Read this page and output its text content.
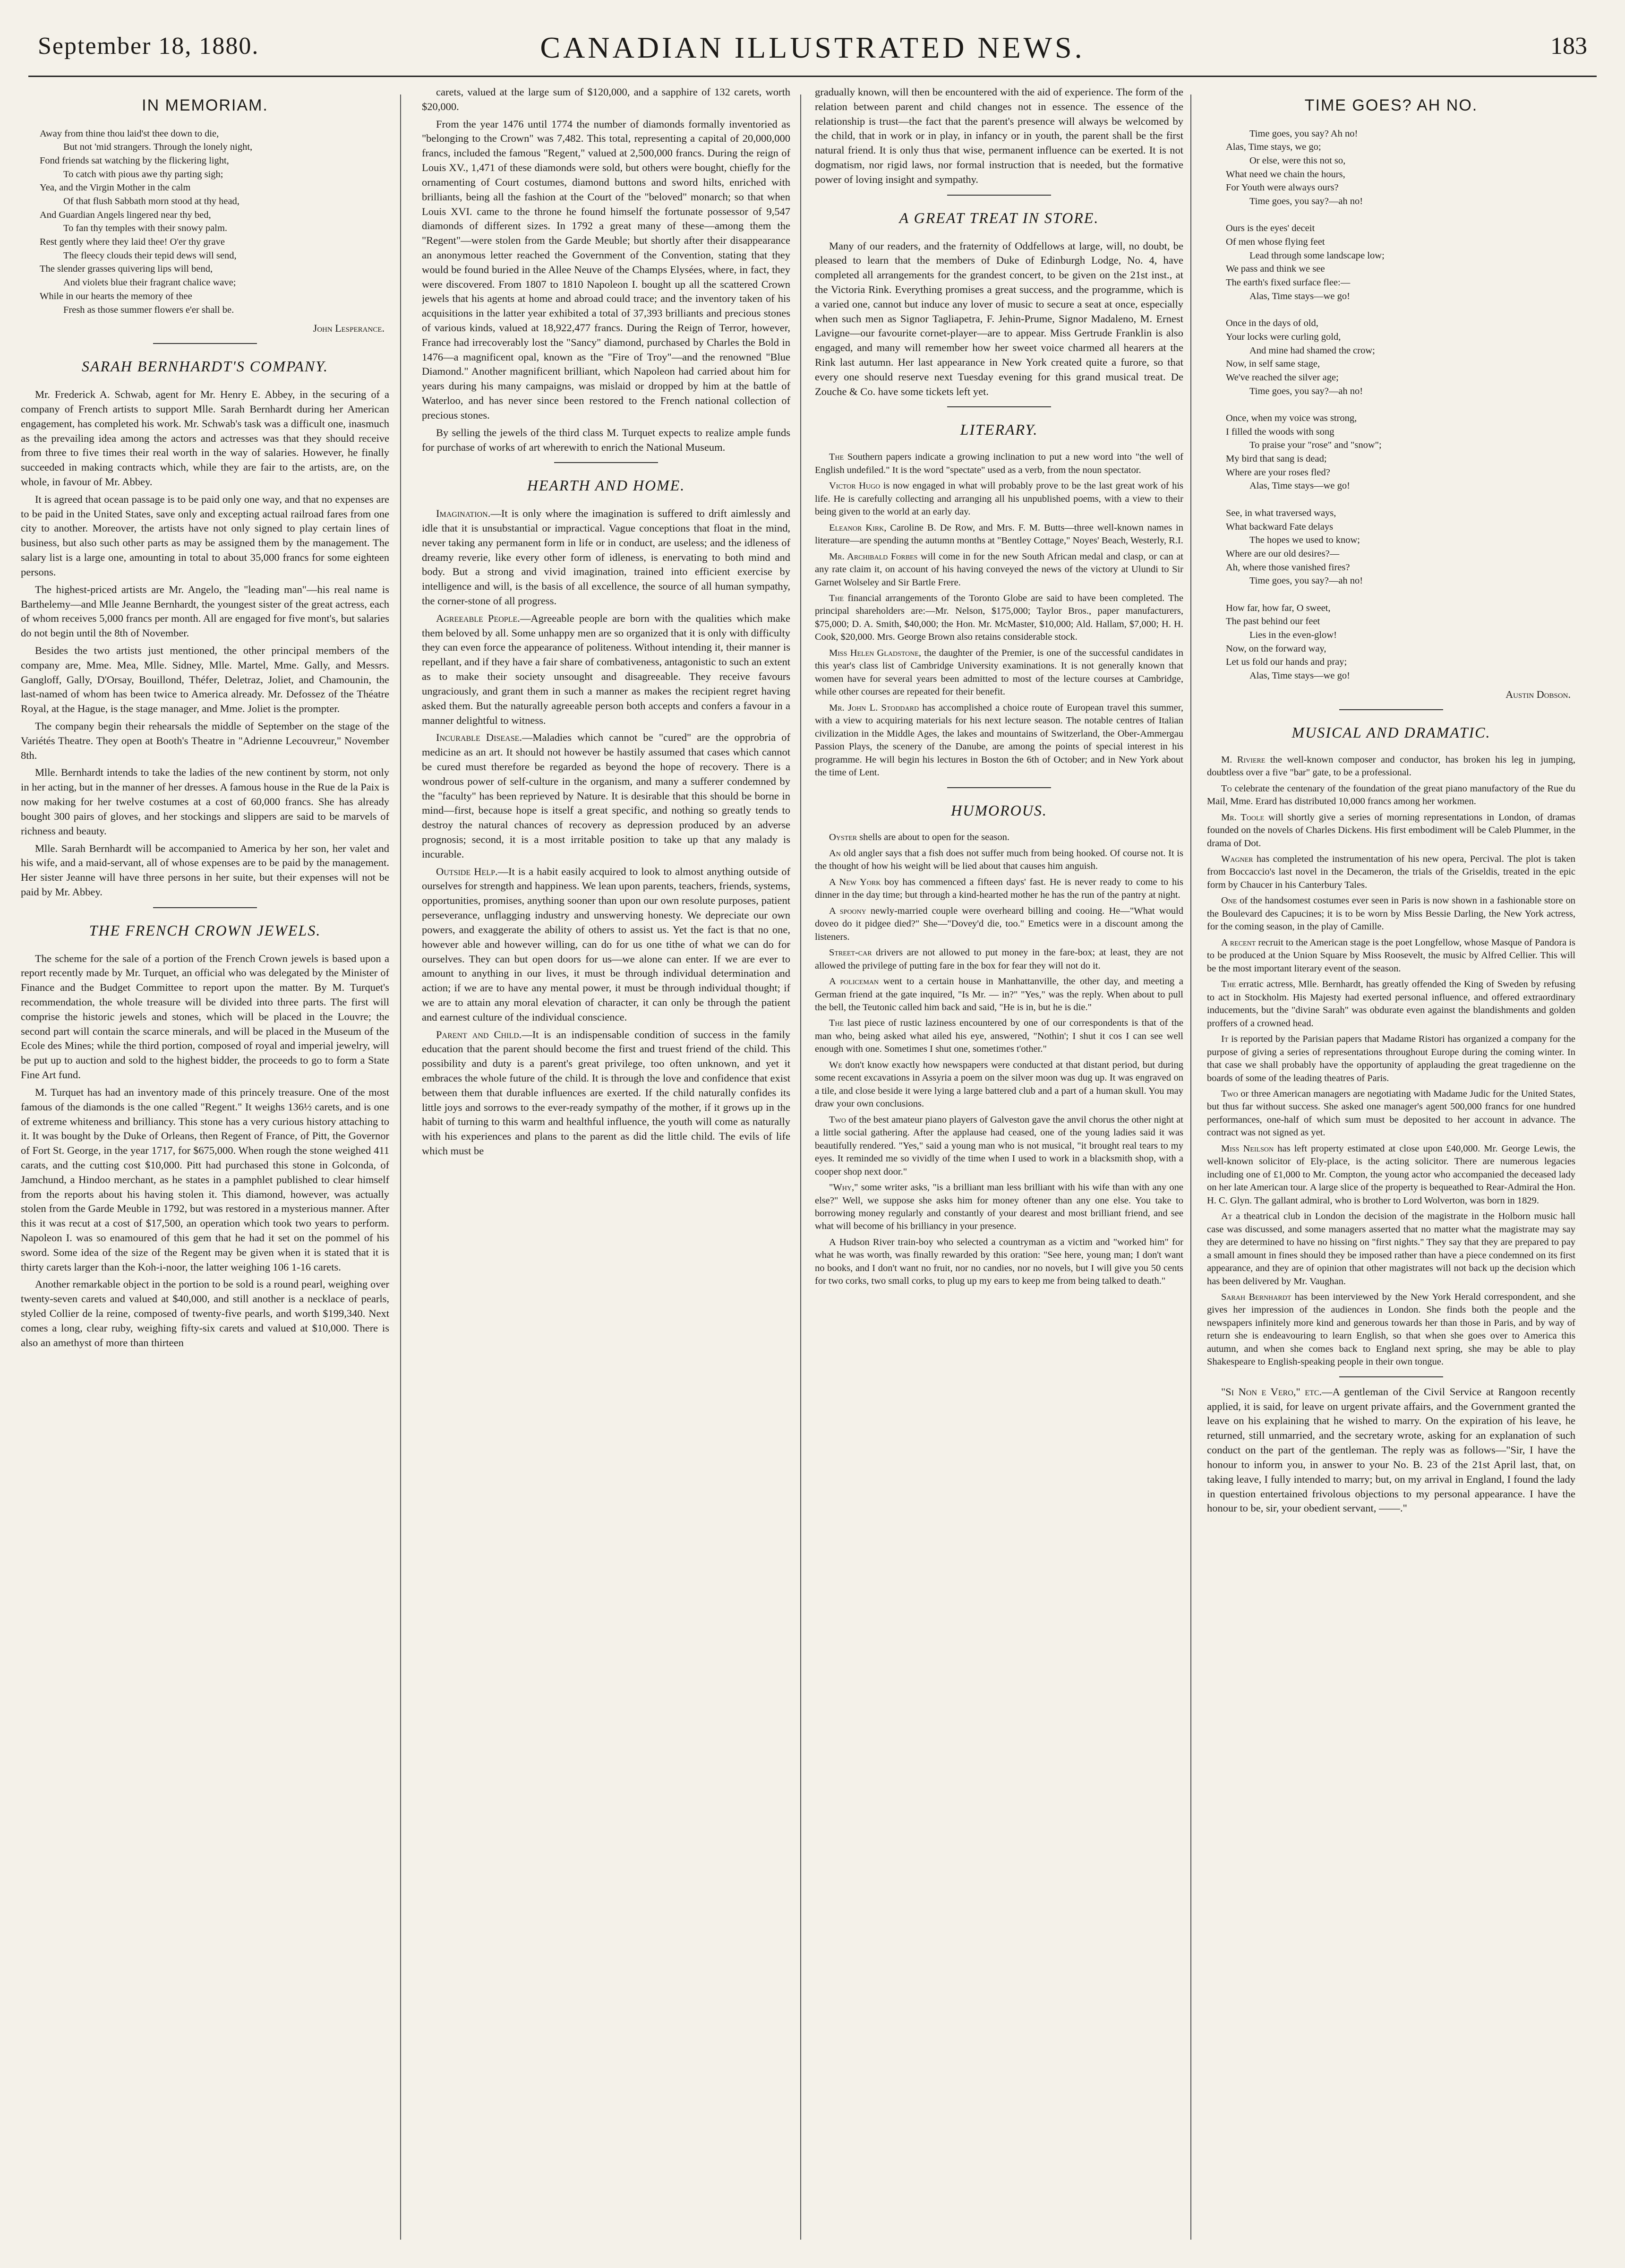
September 18, 1880.	CANADIAN ILLUSTRATED NEWS.	183
IN MEMORIAM.
Away from thine thou laid'st thee down to die,
But not 'mid strangers. Through the lonely night,
Fond friends sat watching by the flickering light,
To catch with pious awe thy parting sigh;
Yea, and the Virgin Mother in the calm
Of that flush Sabbath morn stood at thy head,
And Guardian Angels lingered near thy bed,
To fan thy temples with their snowy palm.
Rest gently where they laid thee! O'er thy grave
The fleecy clouds their tepid dews will send,
The slender grasses quivering lips will bend,
And violets blue their fragrant chalice wave;
While in our hearts the memory of thee
Fresh as those summer flowers e'er shall be.
John Lesperance.
SARAH BERNHARDT'S COMPANY.

Mr. Frederick A. Schwab, agent for Mr. Henry E. Abbey, in the securing of a company of French artists to support Mlle. Sarah Bernhardt during her American engagement, has completed his work. Mr. Schwab's task was a difficult one, inasmuch as the prevailing idea among the actors and actresses was that they should receive from three to five times their real worth in the way of salaries. However, he finally succeeded in making contracts which, while they are fair to the artists, are, on the whole, in favour of Mr. Abbey.

It is agreed that ocean passage is to be paid only one way, and that no expenses are to be paid in the United States, save only and excepting actual railroad fares from one city to another. Moreover, the artists have not only signed to play certain lines of business, but also such other parts as may be assigned them by the management. The salary list is a large one, amounting in total to about 35,000 francs for some eighteen persons.

The highest-priced artists are Mr. Angelo, the "leading man"—his real name is Barthelemy—and Mlle Jeanne Bernhardt, the youngest sister of the great actress, each of whom receives 5,000 francs per month. All are engaged for five mont's, but salaries do not begin until the 8th of November.

Besides the two artists just mentioned, the other principal members of the company are, Mme. Mea, Mlle. Sidney, Mlle. Martel, Mme. Gally, and Messrs. Gangloff, Gally, D'Orsay, Bouillond, Théfer, Deletraz, Joliet, and Chamounin, the last-named of whom has been twice to America already. Mr. Defossez of the Théatre Royal, at the Hague, is the stage manager, and Mme. Joliet is the prompter.

The company begin their rehearsals the middle of September on the stage of the Variétés Theatre. They open at Booth's Theatre in "Adrienne Lecouvreur," November 8th.

Mlle. Bernhardt intends to take the ladies of the new continent by storm, not only in her acting, but in the manner of her dresses. A famous house in the Rue de la Paix is now making for her twelve costumes at a cost of 60,000 francs. She has already bought 300 pairs of gloves, and her stockings and slippers are said to be marvels of richness and beauty.

Mlle. Sarah Bernhardt will be accompanied to America by her son, her valet and his wife, and a maid-servant, all of whose expenses are to be paid by the management. Her sister Jeanne will have three persons in her suite, but their expenses will not be paid by Mr. Abbey.

THE FRENCH CROWN JEWELS.

The scheme for the sale of a portion of the French Crown jewels is based upon a report recently made by Mr. Turquet, an official who was delegated by the Minister of Finance and the Budget Committee to report upon the matter. By M. Turquet's recommendation, the whole treasure will be divided into three parts. The first will comprise the historic jewels and stones, which will be placed in the Louvre; the second part will contain the scarce minerals, and will be placed in the Museum of the Ecole des Mines; while the third portion, composed of royal and imperial jewelry, will be put up to auction and sold to the highest bidder, the proceeds to go to form a State Fine Art fund.

M. Turquet has had an inventory made of this princely treasure. One of the most famous of the diamonds is the one called "Regent." It weighs 136½ carets, and is one of extreme whiteness and brilliancy. This stone has a very curious history attaching to it. It was bought by the Duke of Orleans, then Regent of France, of Pitt, the Governor of Fort St. George, in the year 1717, for $675,000. When rough the stone weighed 411 carats, and the cutting cost $10,000. Pitt had purchased this stone in Golconda, of Jamchund, a Hindoo merchant, as he states in a pamphlet published to clear himself from the reports about his having stolen it. This diamond, however, was actually stolen from the Garde Meuble in 1792, but was restored in a mysterious manner. After this it was recut at a cost of $17,500, an operation which took two years to perform. Napoleon I. was so enamoured of this gem that he had it set on the pommel of his sword. Some idea of the size of the Regent may be given when it is stated that it is thirty carets larger than the Koh-i-noor, the latter weighing 106 1-16 carets.

Another remarkable object in the portion to be sold is a round pearl, weighing over twenty-seven carets and valued at $40,000, and still another is a necklace of pearls, styled Collier de la reine, composed of twenty-five pearls, and worth $199,340. Next comes a long, clear ruby, weighing fifty-six carets and valued at $10,000. There is also an amethyst of more than thirteen

carets, valued at the large sum of $120,000, and a sapphire of 132 carets, worth $20,000.

From the year 1476 until 1774 the number of diamonds formally inventoried as "belonging to the Crown" was 7,482. This total, representing a capital of 20,000,000 francs, included the famous "Regent," valued at 2,500,000 francs. During the reign of Louis XV., 1,471 of these diamonds were sold, but others were bought, chiefly for the ornamenting of Court costumes, diamond buttons and sword hilts, enriched with brilliants, being all the fashion at the Court of the "beloved" monarch; so that when Louis XVI. came to the throne he found himself the fortunate possessor of 9,547 diamonds of different sizes. In 1792 a great many of these—among them the "Regent"—were stolen from the Garde Meuble; but shortly after their disappearance an anonymous letter reached the Government of the Convention, stating that they would be found buried in the Allee Neuve of the Champs Elysées, where, in fact, they were discovered. From 1807 to 1810 Napoleon I. bought up all the scattered Crown jewels that his agents at home and abroad could trace; and the inventory taken of his acquisitions in the latter year exhibited a total of 37,393 brilliants and precious stones of various kinds, valued at 18,922,477 francs. During the Reign of Terror, however, France had irrecoverably lost the "Sancy" diamond, purchased by Charles the Bold in 1476—a magnificent opal, known as the "Fire of Troy"—and the renowned "Blue Diamond." Another magnificent brilliant, which Napoleon had carried about him for years during his many campaigns, was mislaid or dropped by him at the battle of Waterloo, and has never since been restored to the French national collection of precious stones.

By selling the jewels of the third class M. Turquet expects to realize ample funds for purchase of works of art wherewith to enrich the National Museum.

HEARTH AND HOME.

Imagination.—It is only where the imagination is suffered to drift aimlessly and idle that it is unsubstantial or impractical. Vague conceptions that float in the mind, never taking any permanent form in life or in conduct, are useless; and the idleness of dreamy reverie, like every other form of idleness, is enervating to both mind and body. But a strong and vivid imagination, trained into efficient exercise by intelligence and will, is the basis of all excellence, the source of all human sympathy, the corner-stone of all progress.

Agreeable People.—Agreeable people are born with the qualities which make them beloved by all. Some unhappy men are so organized that it is only with difficulty they can even force the appearance of politeness. Without intending it, their manner is repellant, and if they have a fair share of combativeness, antagonistic to such an extent as to make their society unsought and disagreeable. They receive favours ungraciously, and grant them in such a manner as makes the recipient regret having asked them. But the naturally agreeable person both accepts and confers a favour in a manner delightful to witness.

Incurable Disease.—Maladies which cannot be "cured" are the opprobria of medicine as an art. It should not however be hastily assumed that cases which cannot be cured must therefore be regarded as beyond the hope of recovery. There is a wondrous power of self-culture in the organism, and many a sufferer condemned by the "faculty" has been reprieved by Nature. It is desirable that this should be borne in mind—first, because hope is itself a great specific, and nothing so greatly tends to destroy the natural chances of recovery as depression produced by an adverse prognosis; second, it is a most irritable position to take up that any malady is incurable.

Outside Help.—It is a habit easily acquired to look to almost anything outside of ourselves for strength and happiness. We lean upon parents, teachers, friends, systems, opportunities, promises, anything sooner than upon our own resolute purposes, patient perseverance, unflagging industry and unswerving honesty. We depreciate our own powers, and exaggerate the ability of others to assist us. Yet the fact is that no one, however able and however willing, can do for us one tithe of what we can do for ourselves. They can but open doors for us—we alone can enter. If we are ever to amount to anything in our lives, it must be through individual determination and action; if we are to have any mental power, it must be through individual thought; if we are to attain any moral elevation of character, it can only be through the patient and earnest culture of the individual conscience.

Parent and Child.—It is an indispensable condition of success in the family education that the parent should become the first and truest friend of the child. This possibility and duty is a parent's great privilege, too often unknown, and yet it embraces the whole future of the child. It is through the love and confidence that exist between them that durable influences are exerted. If the child naturally confides its little joys and sorrows to the ever-ready sympathy of the mother, if it grows up in the habit of turning to this warm and healthful influence, the youth will come as naturally with his experiences and plans to the parent as did the little child. The evils of life which must be

gradually known, will then be encountered with the aid of experience. The form of the relation between parent and child changes not in essence. The essence of the relationship is trust—the fact that the parent's presence will always be welcomed by the child, that in work or in play, in infancy or in youth, the parent shall be the first natural friend. It is only thus that wise, permanent influence can be exerted. It is not dogmatism, nor rigid laws, nor formal instruction that is needed, but the formative power of loving insight and sympathy.

A GREAT TREAT IN STORE.

Many of our readers, and the fraternity of Oddfellows at large, will, no doubt, be pleased to learn that the members of Duke of Edinburgh Lodge, No. 4, have completed all arrangements for the grandest concert, to be given on the 21st inst., at the Victoria Rink. Everything promises a great success, and the programme, which is a varied one, cannot but induce any lover of music to secure a seat at once, especially when such men as Signor Tagliapetra, F. Jehin-Prume, Signor Madaleno, M. Ernest Lavigne—our favourite cornet-player—are to appear. Miss Gertrude Franklin is also engaged, and many will remember how her sweet voice charmed all hearers at the Rink last autumn. Her last appearance in New York created quite a furore, so that every one should reserve next Tuesday evening for this grand musical treat. De Zouche & Co. have some tickets left yet.

LITERARY.

The Southern papers indicate a growing inclination to put a new word into "the well of English undefiled." It is the word "spectate" used as a verb, from the noun spectator.

Victor Hugo is now engaged in what will probably prove to be the last great work of his life. He is carefully collecting and arranging all his unpublished poems, with a view to their being given to the world at an early day.

Eleanor Kirk, Caroline B. De Row, and Mrs. F. M. Butts—three well-known names in literature—are spending the autumn months at "Bentley Cottage," Noyes' Beach, Westerly, R.I.

Mr. Archibald Forbes will come in for the new South African medal and clasp, or can at any rate claim it, on account of his having conveyed the news of the victory at Ulundi to Sir Garnet Wolseley and Sir Bartle Frere.

The financial arrangements of the Toronto Globe are said to have been completed. The principal shareholders are:—Mr. Nelson, $175,000; Taylor Bros., paper manufacturers, $75,000; D. A. Smith, $40,000; the Hon. Mr. McMaster, $10,000; Ald. Hallam, $7,000; H. H. Cook, $20,000. Mrs. George Brown also retains considerable stock.

Miss Helen Gladstone, the daughter of the Premier, is one of the successful candidates in this year's class list of Cambridge University examinations. It is not generally known that women have for several years been admitted to most of the lecture courses at Cambridge, while other courses are repeated for their benefit.

Mr. John L. Stoddard has accomplished a choice route of European travel this summer, with a view to acquiring materials for his next lecture season. The notable centres of Italian civilization in the Middle Ages, the lakes and mountains of Switzerland, the Ober-Ammergau Passion Plays, the scenery of the Danube, are among the points of special interest in his programme. He will begin his lectures in Boston the 6th of October; and in New York about the time of Lent.

HUMOROUS.

Oyster shells are about to open for the season.

An old angler says that a fish does not suffer much from being hooked. Of course not. It is the thought of how his weight will be lied about that causes him anguish.

A New York boy has commenced a fifteen days' fast. He is never ready to come to his dinner in the day time; but through a kind-hearted mother he has the run of the pantry at night.

A spoony newly-married couple were overheard billing and cooing. He—"What would doveo do it pidgee died?" She—"Dovey'd die, too." Emetics were in a discount among the listeners.

Street-car drivers are not allowed to put money in the fare-box; at least, they are not allowed the privilege of putting fare in the box for fear they will not do it.

A policeman went to a certain house in Manhattanville, the other day, and meeting a German friend at the gate inquired, "Is Mr. — in?" "Yes," was the reply. When about to pull the bell, the Teutonic called him back and said, "He is in, but he is die."

The last piece of rustic laziness encountered by one of our correspondents is that of the man who, being asked what ailed his eye, answered, "Nothin'; I shut it cos I can see well enough with one. Sometimes I shut one, sometimes t'other."

We don't know exactly how newspapers were conducted at that distant period, but during some recent excavations in Assyria a poem on the silver moon was dug up. It was engraved on a tile, and close beside it were lying a large battered club and a part of a human skull. You may draw your own conclusions.

Two of the best amateur piano players of Galveston gave the anvil chorus the other night at a little social gathering. After the applause had ceased, one of the young ladies said it was beautifully rendered. "Yes," said a young man who is not musical, "it brought real tears to my eyes. It reminded me so vividly of the time when I used to work in a blacksmith shop, with a cooper shop next door."

"Why," some writer asks, "is a brilliant man less brilliant with his wife than with any one else?" Well, we suppose she asks him for money oftener than any one else. You take to borrowing money regularly and constantly of your dearest and most brilliant friend, and see what will become of his brilliancy in your presence.

A Hudson River train-boy who selected a countryman as a victim and "worked him" for what he was worth, was finally rewarded by this oration: "See here, young man; I don't want no books, and I don't want no fruit, nor no candies, nor no novels, but I will give you 50 cents for two corks, two small corks, to plug up my ears to keep me from being talked to death."

TIME GOES? AH NO.
Time goes, you say? Ah no!
Alas, Time stays, we go;
Or else, were this not so,
What need we chain the hours,
For Youth were always ours?
Time goes, you say?—ah no!

Ours is the eyes' deceit
Of men whose flying feet
Lead through some landscape low;
We pass and think we see
The earth's fixed surface flee:—
Alas, Time stays—we go!

Once in the days of old,
Your locks were curling gold,
And mine had shamed the crow;
Now, in self same stage,
We've reached the silver age;
Time goes, you say?—ah no!

Once, when my voice was strong,
I filled the woods with song
To praise your "rose" and "snow";
My bird that sang is dead;
Where are your roses fled?
Alas, Time stays—we go!

See, in what traversed ways,
What backward Fate delays
The hopes we used to know;
Where are our old desires?—
Ah, where those vanished fires?
Time goes, you say?—ah no!

How far, how far, O sweet,
The past behind our feet
Lies in the even-glow!
Now, on the forward way,
Let us fold our hands and pray;
Alas, Time stays—we go!
Austin Dobson.
MUSICAL AND DRAMATIC.

M. Riviere the well-known composer and conductor, has broken his leg in jumping, doubtless over a five "bar" gate, to be a professional.

To celebrate the centenary of the foundation of the great piano manufactory of the Rue du Mail, Mme. Erard has distributed 10,000 francs among her workmen.

Mr. Toole will shortly give a series of morning representations in London, of dramas founded on the novels of Charles Dickens. His first embodiment will be Caleb Plummer, in the drama of Dot.

Wagner has completed the instrumentation of his new opera, Percival. The plot is taken from Boccaccio's last novel in the Decameron, the trials of the Griseldis, treated in the epic form by Chaucer in his Canterbury Tales.

One of the handsomest costumes ever seen in Paris is now shown in a fashionable store on the Boulevard des Capucines; it is to be worn by Miss Bessie Darling, the New York actress, for the coming season, in the play of Camille.

A recent recruit to the American stage is the poet Longfellow, whose Masque of Pandora is to be produced at the Union Square by Miss Roosevelt, the music by Alfred Cellier. This will be the most important literary event of the season.

The erratic actress, Mlle. Bernhardt, has greatly offended the King of Sweden by refusing to act in Stockholm. His Majesty had exerted personal influence, and offered extraordinary inducements, but the "divine Sarah" was obdurate even against the blandishments and golden proffers of a crowned head.

It is reported by the Parisian papers that Madame Ristori has organized a company for the purpose of giving a series of representations throughout Europe during the coming winter. In that case we shall probably have the opportunity of applauding the great tragedienne on the boards of some of the leading theatres of Paris.

Two or three American managers are negotiating with Madame Judic for the United States, but thus far without success. She asked one manager's agent 500,000 francs for one hundred performances, one-half of which sum must be deposited to her account in advance. The contract was not signed as yet.

Miss Neilson has left property estimated at close upon £40,000. Mr. George Lewis, the well-known solicitor of Ely-place, is the acting solicitor. There are numerous legacies including one of £1,000 to Mr. Compton, the young actor who accompanied the deceased lady on her late American tour. A large slice of the property is bequeathed to Rear-Admiral the Hon. H. C. Glyn. The gallant admiral, who is brother to Lord Wolverton, was born in 1829.

At a theatrical club in London the decision of the magistrate in the Holborn music hall case was discussed, and some managers asserted that no matter what the magistrate may say they are determined to have no hissing on "first nights." They say that they are prepared to pay a small amount in fines should they be imposed rather than have a piece condemned on its first appearance, and they are of opinion that other magistrates will not back up the decision which has been delivered by Mr. Vaughan.

Sarah Bernhardt has been interviewed by the New York Herald correspondent, and she gives her impression of the audiences in London. She finds both the people and the newspapers infinitely more kind and generous towards her than those in Paris, and by way of return she is endeavouring to learn English, so that when she goes over to America this autumn, and when she comes back to England next spring, she may be able to play Shakespeare to English-speaking people in their own tongue.

"Si Non e Vero," etc.—A gentleman of the Civil Service at Rangoon recently applied, it is said, for leave on urgent private affairs, and the Government granted the leave on his explaining that he wished to marry. On the expiration of his leave, he returned, still unmarried, and the secretary wrote, asking for an explanation of such conduct on the part of the gentleman. The reply was as follows—"Sir, I have the honour to inform you, in answer to your No. B. 23 of the 21st April last, that, on taking leave, I fully intended to marry; but, on my arrival in England, I found the lady in question entertained frivolous objections to my personal appearance. I have the honour to be, sir, your obedient servant, ——."
